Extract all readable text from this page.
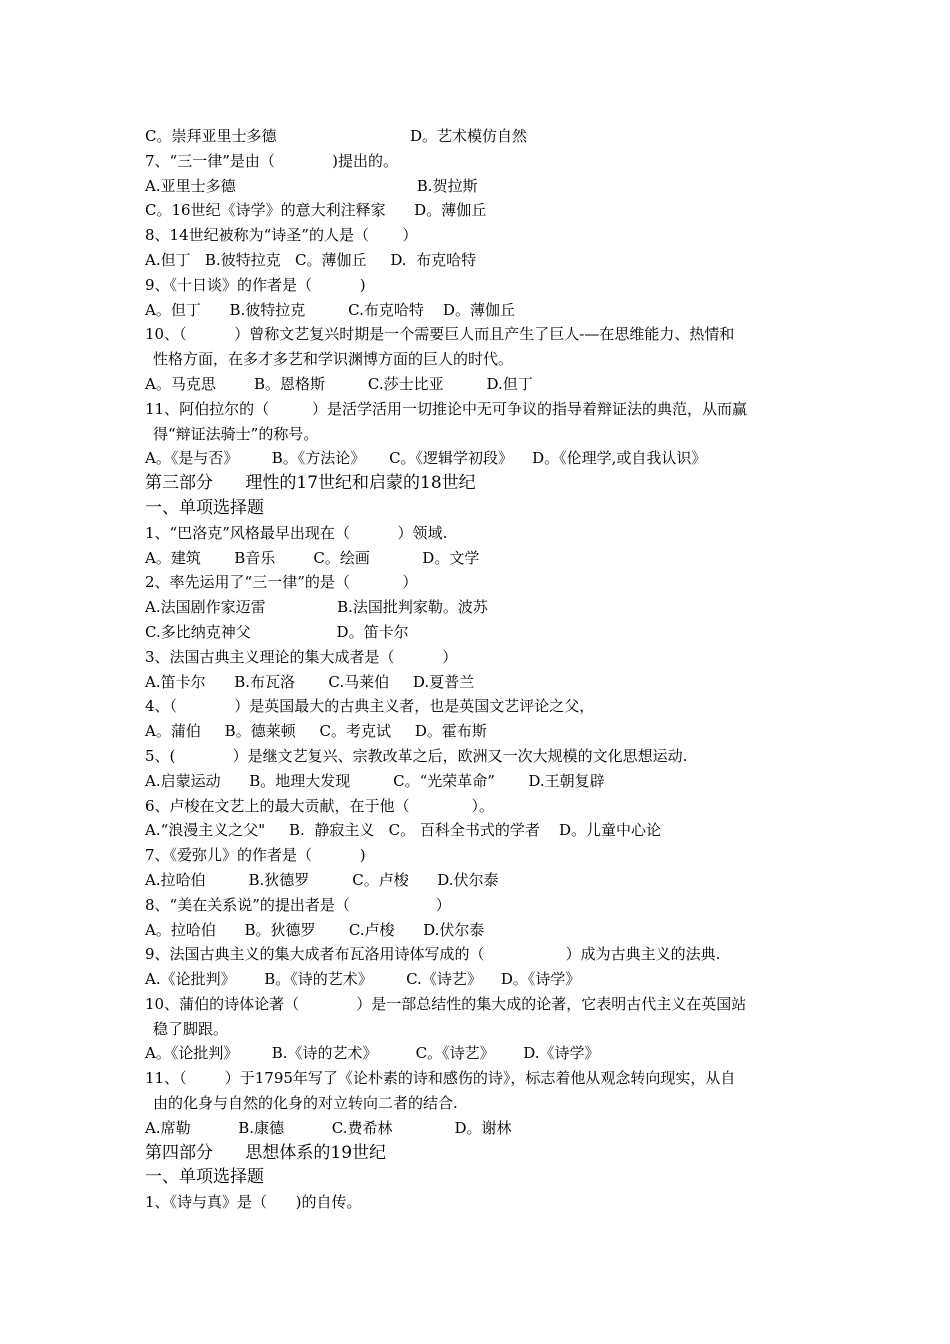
C。崇拜亚里士多德                            D。艺术模仿自然
7、“三一律”是由（            )提出的。
A.亚里士多德                                      B.贺拉斯
C。16世纪《诗学》的意大利注释家      D。薄伽丘
8、14世纪被称为“诗圣”的人是（       ）
A.但丁   B.彼特拉克   C。薄伽丘     D.  布克哈特
9、《十日谈》的作者是（          )
A。但丁      B.彼特拉克         C.布克哈特    D。薄伽丘
10、（          ）曾称文艺复兴时期是一个需要巨人而且产生了巨人-—在思维能力、热情和
性格方面，在多才多艺和学识渊博方面的巨人的时代。
A。马克思        B。恩格斯         C.莎士比亚         D.但丁
11、阿伯拉尔的（         ）是活学活用一切推论中无可争议的指导着辩证法的典范，从而赢
得“辩证法骑士”的称号。
A。《是与否》       B。《方法论》     C。《逻辑学初段》    D。《伦理学,或自我认识》
第三部分      理性的17世纪和启蒙的18世纪
一、单项选择题
1、“巴洛克”风格最早出现在（          ）领域.
A。建筑       B音乐        C。绘画           D。文学
2、率先运用了“三一律”的是（           ）
A.法国剧作家迈雷               B.法国批判家勒。波苏
C.多比纳克神父                  D。笛卡尔
3、法国古典主义理论的集大成者是（          ）
A.笛卡尔      B.布瓦洛       C.马莱伯     D.夏普兰
4、（            ）是英国最大的古典主义者，也是英国文艺评论之父，
A。蒲伯     B。德莱顿     C。考克试     D。霍布斯
5、(            ）是继文艺复兴、宗教改革之后，欧洲又一次大规模的文化思想运动.
A.启蒙运动      B。地理大发现         C。“光荣革命”       D.王朝复辟
6、卢梭在文艺上的最大贡献，在于他（             ）。
A.“浪漫主义之父"     B.  静寂主义   C。 百科全书式的学者    D。儿童中心论
7、《爱弥儿》的作者是（          )
A.拉哈伯         B.狄德罗         C。卢梭      D.伏尔泰
8、“美在关系说”的提出者是（                  ）
A。拉哈伯      B。狄德罗       C.卢梭      D.伏尔泰
9、法国古典主义的集大成者布瓦洛用诗体写成的（                 ）成为古典主义的法典.
A.《论批判》      B。《诗的艺术》       C.《诗艺》    D。《诗学》
10、蒲伯的诗体论著（            ）是一部总结性的集大成的论著，它表明古代主义在英国站
稳了脚跟。
A。《论批判》       B.《诗的艺术》        C。《诗艺》      D.《诗学》
11、（        ）于1795年写了《论朴素的诗和感伤的诗》，标志着他从观念转向现实，从自
由的化身与自然的化身的对立转向二者的结合.
A.席勒          B.康德          C.费希林             D。谢林
第四部分      思想体系的19世纪
一、单项选择题
1、《诗与真》是（      )的自传。
